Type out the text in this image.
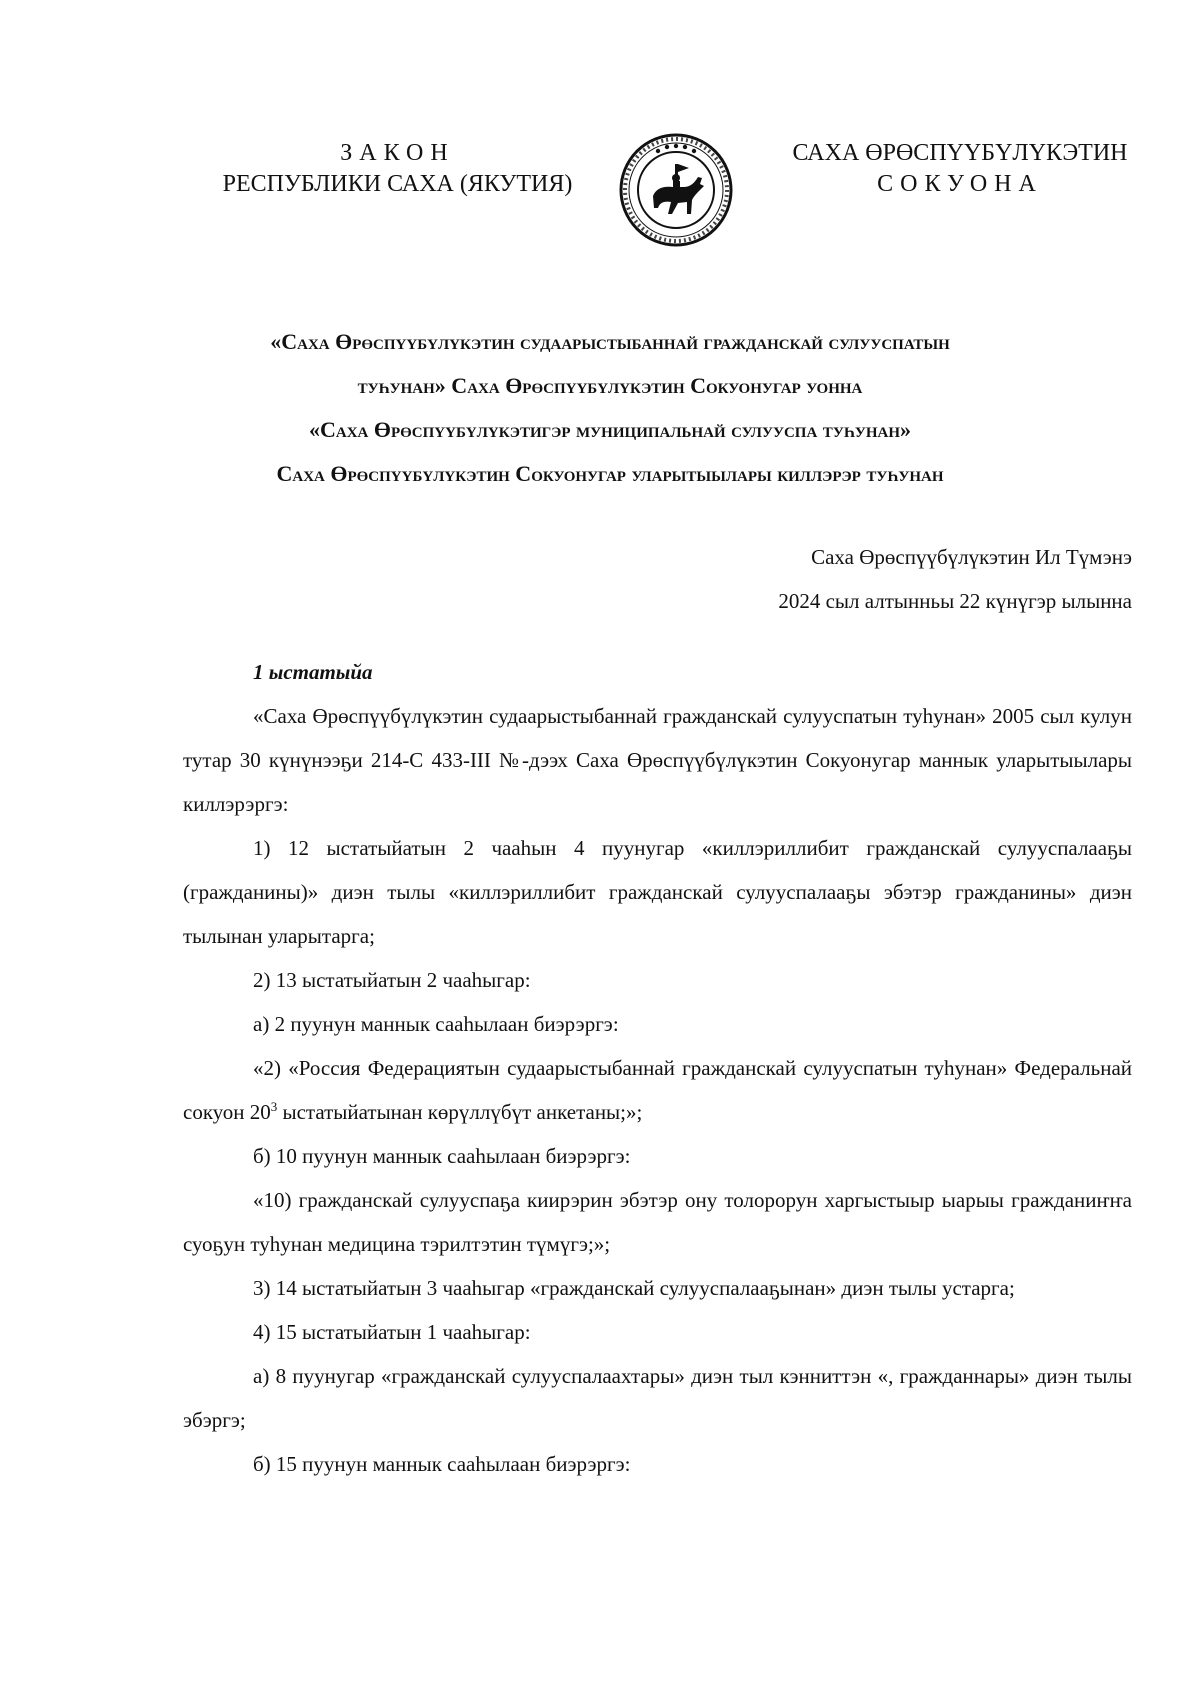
ЗАКОН
РЕСПУБЛИКИ САХА (ЯКУТИЯ)
САХА ӨРӨСПҮҮБҮЛҮКЭТИН
СОКУОНА
«Саха Өрөспүүбүлүкэтин судаарыстыбаннай гражданскай сулууспатын
туһунан» Саха Өрөспүүбүлүкэтин Сокуонугар уонна
«Саха Өрөспүүбүлүкэтигэр муниципальнай сулууспа туһунан»
Саха Өрөспүүбүлүкэтин Сокуонугар уларытыылары киллэрэр туһунан
Саха Өрөспүүбүлүкэтин Ил Түмэнэ
2024 сыл алтынньы 22 күнүгэр ылынна

1 ыстатыйа

«Саха Өрөспүүбүлүкэтин судаарыстыбаннай гражданскай сулууспатын туһунан» 2005 сыл кулун тутар 30 күнүнээҕи 214-С 433-III №-дээх Саха Өрөспүүбүлүкэтин Сокуонугар маннык уларытыылары киллэрэргэ:

1) 12 ыстатыйатын 2 чааһын 4 пуунугар «киллэриллибит гражданскай сулууспалааҕы (гражданины)» диэн тылы «киллэриллибит гражданскай сулууспалааҕы эбэтэр гражданины» диэн тылынан уларытарга;

2) 13 ыстатыйатын 2 чааһыгар:

а) 2 пуунун маннык сааһылаан биэрэргэ:

«2) «Россия Федерациятын судаарыстыбаннай гражданскай сулууспатын туһунан» Федеральнай сокуон $20^3$ ыстатыйатынан көрүллүбүт анкетаны;»;

б) 10 пуунун маннык сааһылаан биэрэргэ:

«10) гражданскай сулууспаҕа киирэрин эбэтэр ону толорорун харгыстыыр ыарыы гражданиҥҥа суоҕун туһунан медицина тэрилтэтин түмүгэ;»;

3) 14 ыстатыйатын 3 чааһыгар «гражданскай сулууспалааҕынан» диэн тылы устарга;

4) 15 ыстатыйатын 1 чааһыгар:

а) 8 пуунугар «гражданскай сулууспалаахтары» диэн тыл кэнниттэн «, гражданнары» диэн тылы эбэргэ;

б) 15 пуунун маннык сааһылаан биэрэргэ:
